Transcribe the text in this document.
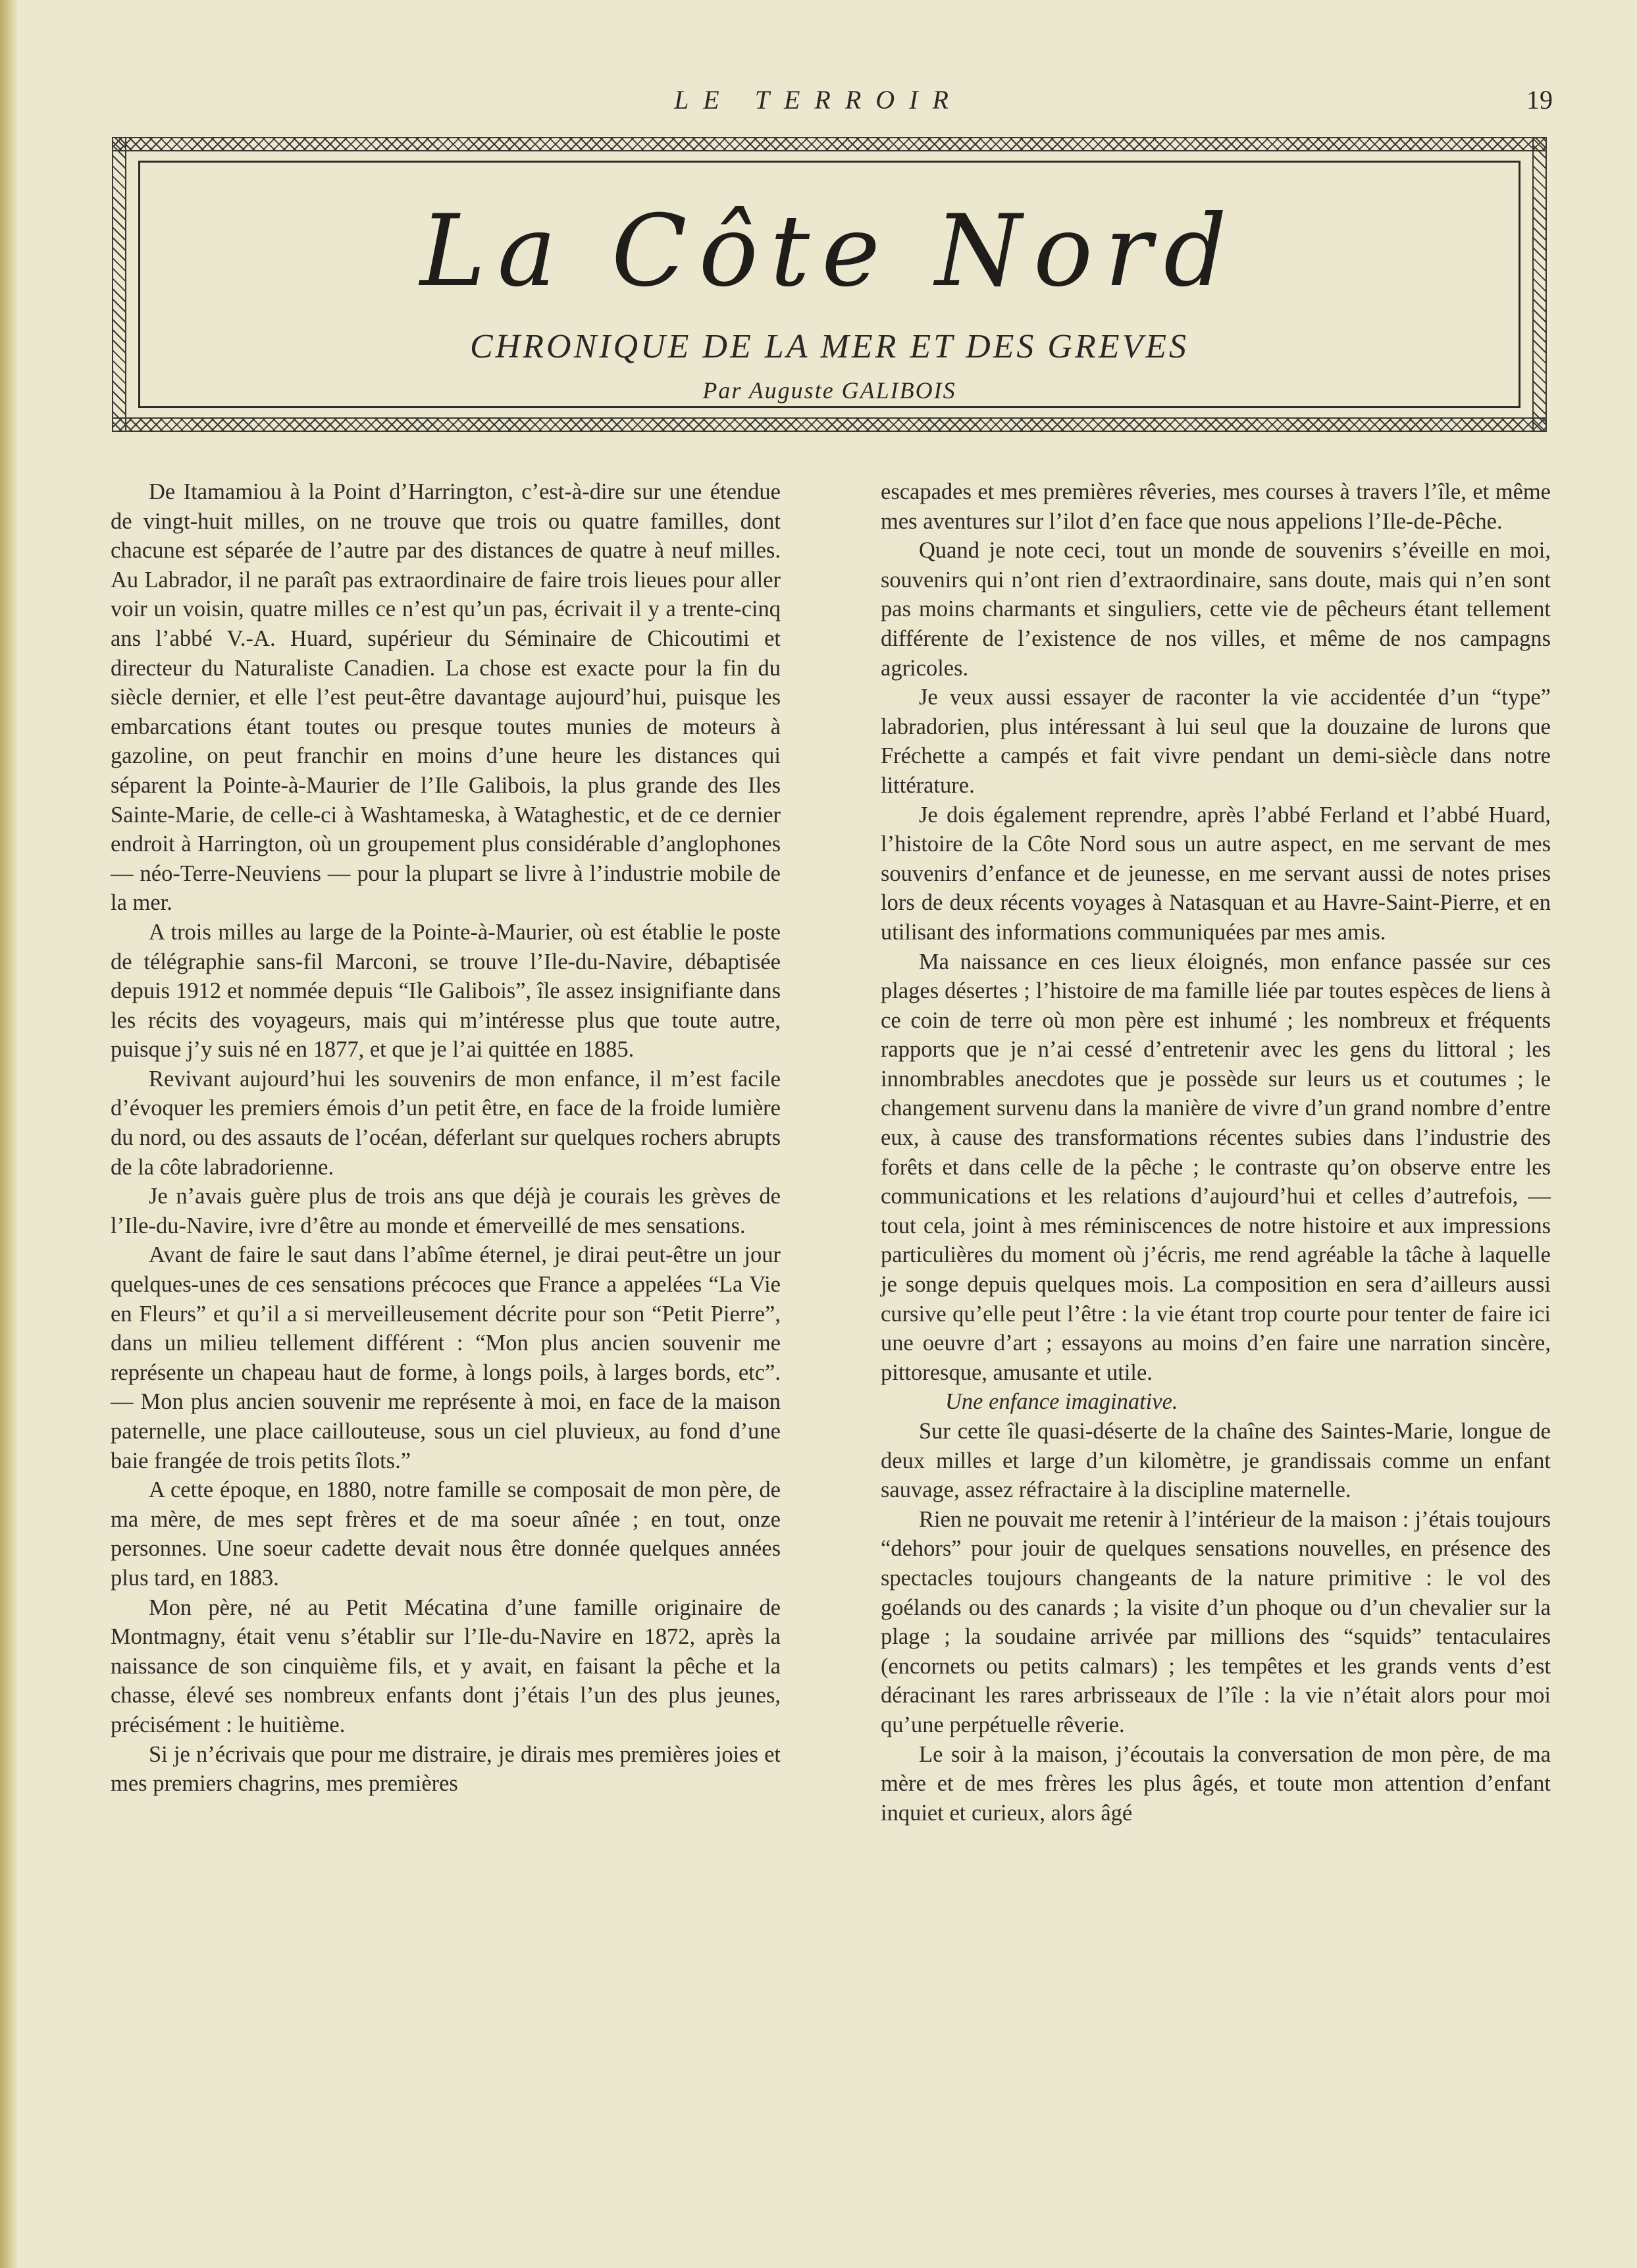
LE TERROIR	19
La Côte Nord
CHRONIQUE DE LA MER ET DES GREVES
Par Auguste GALIBOIS

De Itamamiou à la Point d’Harrington, c’est-à-dire sur une étendue de vingt-huit milles, on ne trouve que trois ou quatre familles, dont chacune est séparée de l’autre par des distances de quatre à neuf milles. Au Labrador, il ne paraît pas extraordinaire de faire trois lieues pour aller voir un voisin, quatre milles ce n’est qu’un pas, écrivait il y a trente-cinq ans l’abbé V.-A. Huard, supérieur du Séminaire de Chicoutimi et directeur du Naturaliste Canadien. La chose est exacte pour la fin du siècle dernier, et elle l’est peut-être davantage aujourd’hui, puisque les embarcations étant toutes ou presque toutes munies de moteurs à gazoline, on peut franchir en moins d’une heure les distances qui séparent la Pointe-à-Maurier de l’Ile Galibois, la plus grande des Iles Sainte-Marie, de celle-ci à Washtameska, à Wataghestic, et de ce dernier endroit à Harrington, où un groupement plus considérable d’anglophones — néo-Terre-Neuviens — pour la plupart se livre à l’industrie mobile de la mer.

A trois milles au large de la Pointe-à-Maurier, où est établie le poste de télégraphie sans-fil Marconi, se trouve l’Ile-du-Navire, débaptisée depuis 1912 et nommée depuis “Ile Galibois”, île assez insignifiante dans les récits des voyageurs, mais qui m’intéresse plus que toute autre, puisque j’y suis né en 1877, et que je l’ai quittée en 1885.

Revivant aujourd’hui les souvenirs de mon enfance, il m’est facile d’évoquer les premiers émois d’un petit être, en face de la froide lumière du nord, ou des assauts de l’océan, déferlant sur quelques rochers abrupts de la côte labradorienne.

Je n’avais guère plus de trois ans que déjà je courais les grèves de l’Ile-du-Navire, ivre d’être au monde et émerveillé de mes sensations.

Avant de faire le saut dans l’abîme éternel, je dirai peut-être un jour quelques-unes de ces sensations précoces que France a appelées “La Vie en Fleurs” et qu’il a si merveilleusement décrite pour son “Petit Pierre”, dans un milieu tellement différent : “Mon plus ancien souvenir me représente un chapeau haut de forme, à longs poils, à larges bords, etc”. — Mon plus ancien souvenir me représente à moi, en face de la maison paternelle, une place caillouteuse, sous un ciel pluvieux, au fond d’une baie frangée de trois petits îlots.”

A cette époque, en 1880, notre famille se composait de mon père, de ma mère, de mes sept frères et de ma soeur aînée ; en tout, onze personnes. Une soeur cadette devait nous être donnée quelques années plus tard, en 1883.

Mon père, né au Petit Mécatina d’une famille originaire de Montmagny, était venu s’établir sur l’Ile-du-Navire en 1872, après la naissance de son cinquième fils, et y avait, en faisant la pêche et la chasse, élevé ses nombreux enfants dont j’étais l’un des plus jeunes, précisément : le huitième.

Si je n’écrivais que pour me distraire, je dirais mes premières joies et mes premiers chagrins, mes premières

escapades et mes premières rêveries, mes courses à travers l’île, et même mes aventures sur l’ilot d’en face que nous appelions l’Ile-de-Pêche.

Quand je note ceci, tout un monde de souvenirs s’éveille en moi, souvenirs qui n’ont rien d’extraordinaire, sans doute, mais qui n’en sont pas moins charmants et singuliers, cette vie de pêcheurs étant tellement différente de l’existence de nos villes, et même de nos campagns agricoles.

Je veux aussi essayer de raconter la vie accidentée d’un “type” labradorien, plus intéressant à lui seul que la douzaine de lurons que Fréchette a campés et fait vivre pendant un demi-siècle dans notre littérature.

Je dois également reprendre, après l’abbé Ferland et l’abbé Huard, l’histoire de la Côte Nord sous un autre aspect, en me servant de mes souvenirs d’enfance et de jeunesse, en me servant aussi de notes prises lors de deux récents voyages à Natasquan et au Havre-Saint-Pierre, et en utilisant des informations communiquées par mes amis.

Ma naissance en ces lieux éloignés, mon enfance passée sur ces plages désertes ; l’histoire de ma famille liée par toutes espèces de liens à ce coin de terre où mon père est inhumé ; les nombreux et fréquents rapports que je n’ai cessé d’entretenir avec les gens du littoral ; les innombrables anecdotes que je possède sur leurs us et coutumes ; le changement survenu dans la manière de vivre d’un grand nombre d’entre eux, à cause des transformations récentes subies dans l’industrie des forêts et dans celle de la pêche ; le contraste qu’on observe entre les communications et les relations d’aujourd’hui et celles d’autrefois, — tout cela, joint à mes réminiscences de notre histoire et aux impressions particulières du moment où j’écris, me rend agréable la tâche à laquelle je songe depuis quelques mois. La composition en sera d’ailleurs aussi cursive qu’elle peut l’être : la vie étant trop courte pour tenter de faire ici une oeuvre d’art ; essayons au moins d’en faire une narration sincère, pittoresque, amusante et utile.

Une enfance imaginative.

Sur cette île quasi-déserte de la chaîne des Saintes-Marie, longue de deux milles et large d’un kilomètre, je grandissais comme un enfant sauvage, assez réfractaire à la discipline maternelle.

Rien ne pouvait me retenir à l’intérieur de la maison : j’étais toujours “dehors” pour jouir de quelques sensations nouvelles, en présence des spectacles toujours changeants de la nature primitive : le vol des goélands ou des canards ; la visite d’un phoque ou d’un chevalier sur la plage ; la soudaine arrivée par millions des “squids” tentaculaires (encornets ou petits calmars) ; les tempêtes et les grands vents d’est déracinant les rares arbrisseaux de l’île : la vie n’était alors pour moi qu’une perpétuelle rêverie.

Le soir à la maison, j’écoutais la conversation de mon père, de ma mère et de mes frères les plus âgés, et toute mon attention d’enfant inquiet et curieux, alors âgé
